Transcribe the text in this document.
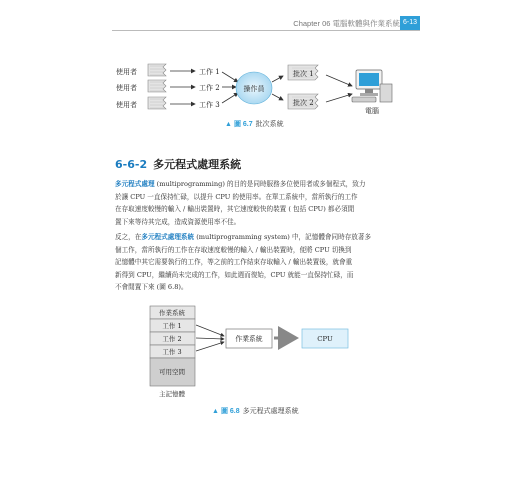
Chapter 06 電腦軟體與作業系統 6-13
使用者	工作 1
使用者	工作 2
使用者	工作 3
操作員
批次 1
批次 2
電腦
▲ 圖 6.7 批次系統
6-6-2 多元程式處理系統
多元程式處理 (multiprogramming) 的目的是同時服務多位使用者或多個程式，致力
於讓 CPU 一直保持忙碌，以提升 CPU 的使用率。在單工系統中，當所執行的工作
在存取速度較慢的輸入 / 輸出裝置時，其它速度較快的裝置 ( 包括 CPU) 都必須閒
置下來等待其完成，造成資源使用率不佳。
反之，在多元程式處理系統 (multiprogramming system) 中，記憶體會同時存放著多
個工作，當所執行的工作在存取速度較慢的輸入 / 輸出裝置時，便將 CPU 切換到
記憶體中其它需要執行的工作，等之前的工作結束存取輸入 / 輸出裝置後，就會重
新得到 CPU，繼續尚未完成的工作，如此週而復始，CPU 就能一直保持忙碌，而
不會閒置下來 (圖 6.8)。
作業系統
工作 1
工作 2
工作 3
可用空間
主記憶體
作業系統	CPU
▲ 圖 6.8 多元程式處理系統
